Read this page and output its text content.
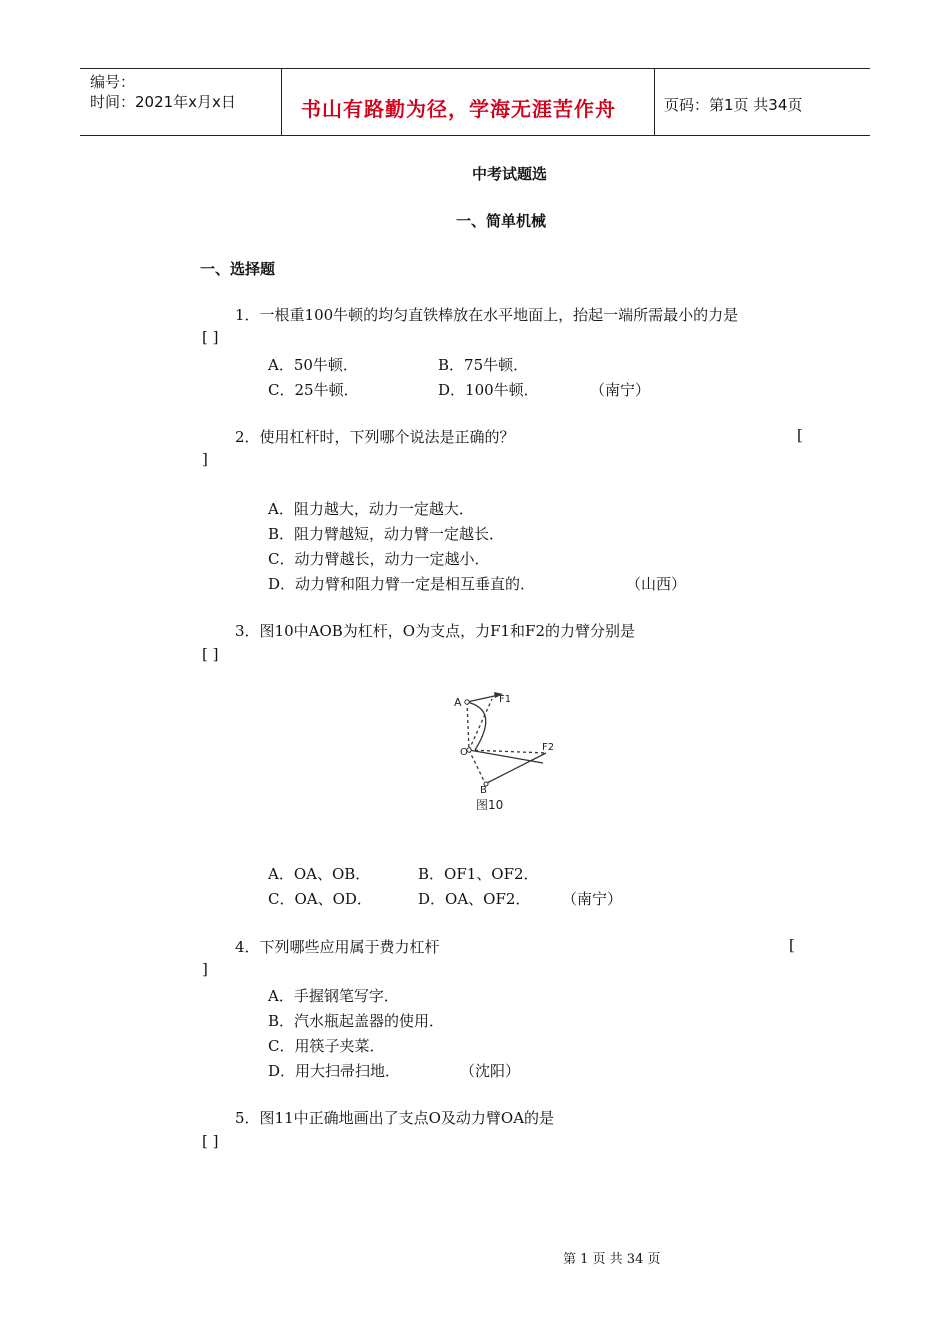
编号：
时间：2021年x月x日	书山有路勤为径，学海无涯苦作舟	页码：第1页 共34页
中考试题选
一、简单机械
一、选择题
1．一根重100牛顿的均匀直铁棒放在水平地面上，抬起一端所需最小的力是
[ ]
A．50牛顿．	B．75牛顿．
C．25牛顿．	D．100牛顿．	（南宁）
2．使用杠杆时，下列哪个说法是正确的？	[
]
A．阻力越大，动力一定越大．
B．阻力臂越短，动力臂一定越长．
C．动力臂越长，动力一定越小．
D．动力臂和阻力臂一定是相互垂直的．	（山西）
3．图10中AOB为杠杆，O为支点，力F1和F2的力臂分别是
[ ]
A	F1
O	F2
B
图10
A．OA、OB．	B．OF1、OF2．
C．OA、OD．	D．OA、OF2． （南宁）
4．下列哪些应用属于费力杠杆	[
]
A．手握钢笔写字．
B．汽水瓶起盖器的使用．
C．用筷子夹菜．
D．用大扫帚扫地．	（沈阳）
5．图11中正确地画出了支点O及动力臂OA的是
[ ]
第 1 页 共 34 页
